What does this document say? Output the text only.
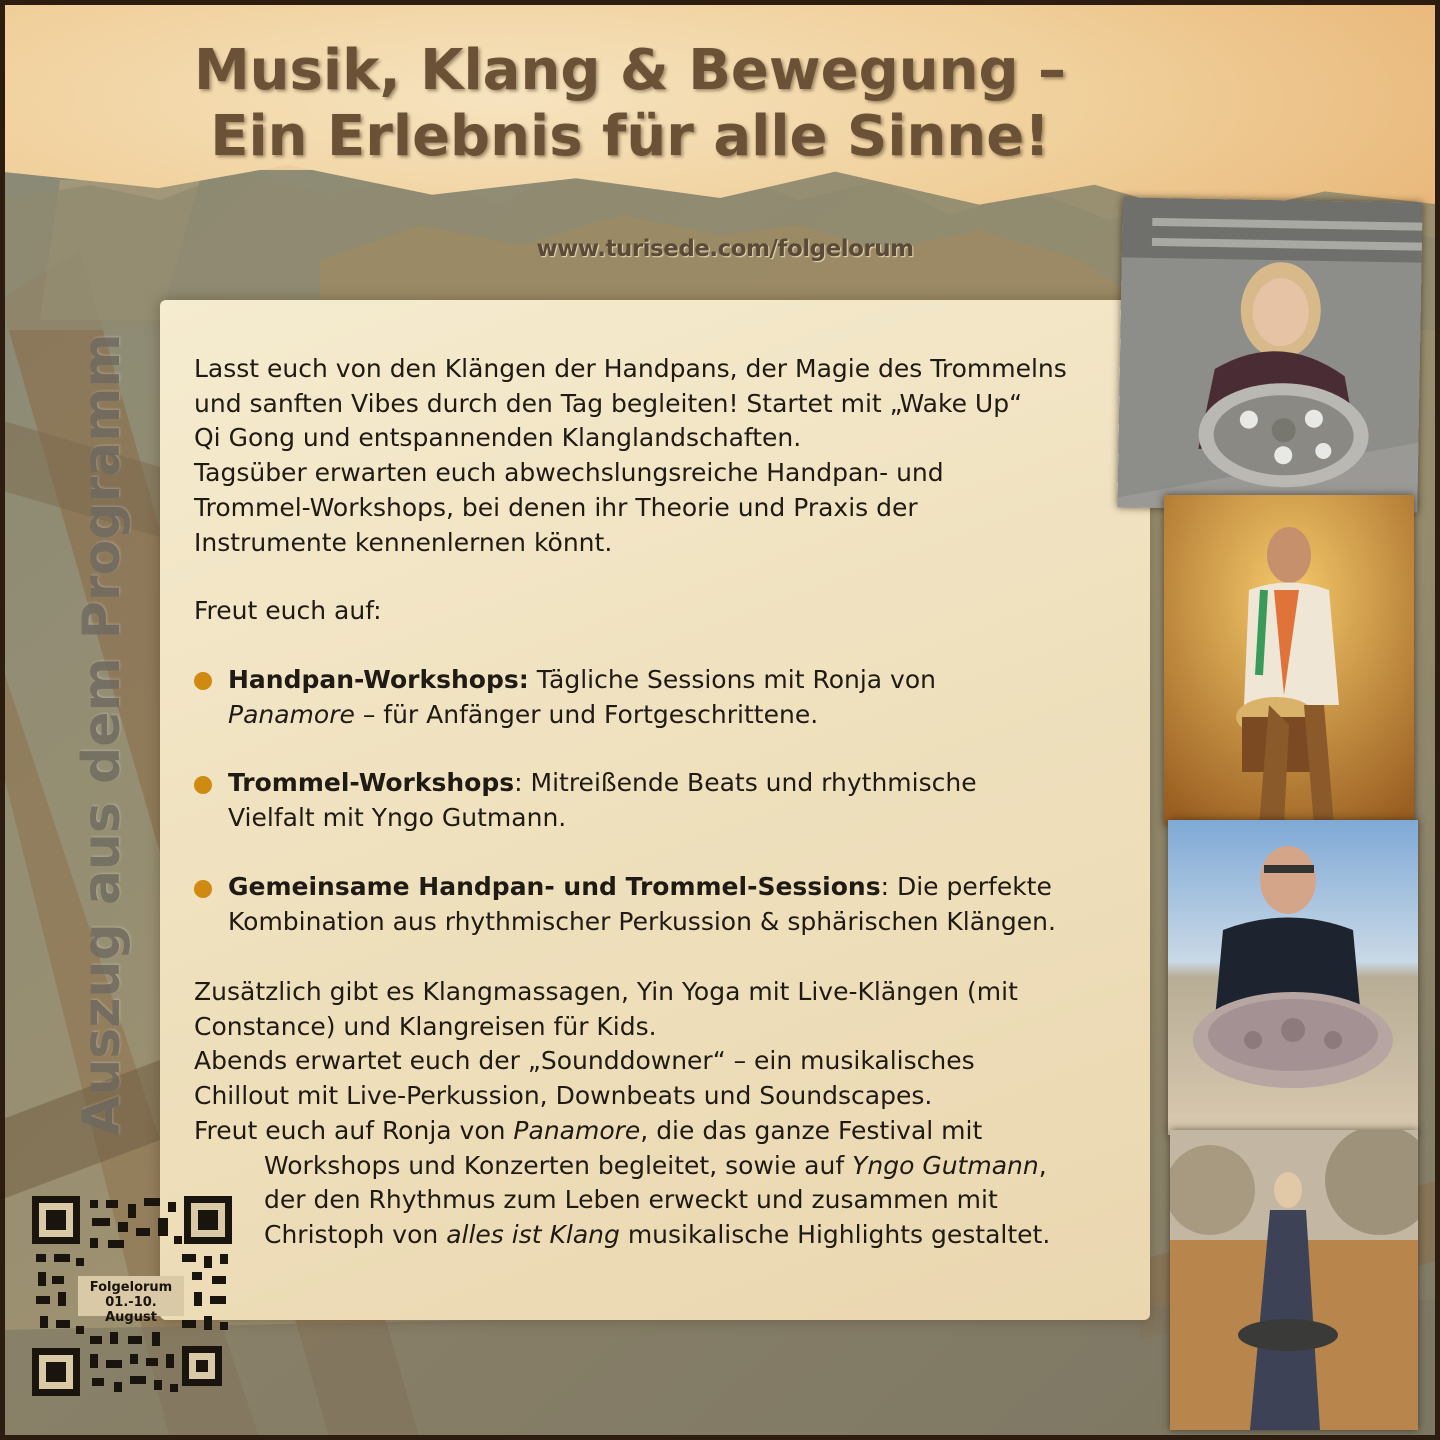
Musik, Klang & Bewegung –
Ein Erlebnis für alle Sinne!
www.turisede.com/folgelorum
Auszug aus dem Programm Lasst euch von den Klängen der Handpans, der Magie des Trommelns
und sanften Vibes durch den Tag begleiten! Startet mit „Wake Up“
Qi Gong und entspannenden Klanglandschaften.
Tagsüber erwarten euch abwechslungsreiche Handpan- und
Trommel-Workshops, bei denen ihr Theorie und Praxis der
Instrumente kennenlernen könnt.

Freut euch auf:

Handpan-Workshops: Tägliche Sessions mit Ronja von
Panamore – für Anfänger und Fortgeschrittene.

Trommel-Workshops: Mitreißende Beats und rhythmische
Vielfalt mit Yngo Gutmann.

Gemeinsame Handpan- und Trommel-Sessions: Die perfekte
Kombination aus rhythmischer Perkussion & sphärischen Klängen.

Zusätzlich gibt es Klangmassagen, Yin Yoga mit Live-Klängen (mit
Constance) und Klangreisen für Kids.
Abends erwartet euch der „Sounddowner“ – ein musikalisches
Chillout mit Live-Perkussion, Downbeats und Soundscapes.
Freut euch auf Ronja von Panamore, die das ganze Festival mit
Workshops und Konzerten begleitet, sowie auf Yngo Gutmann,
der den Rhythmus zum Leben erweckt und zusammen mit
Christoph von alles ist Klang musikalische Highlights gestaltet.

Folgelorum
01.-10. August
